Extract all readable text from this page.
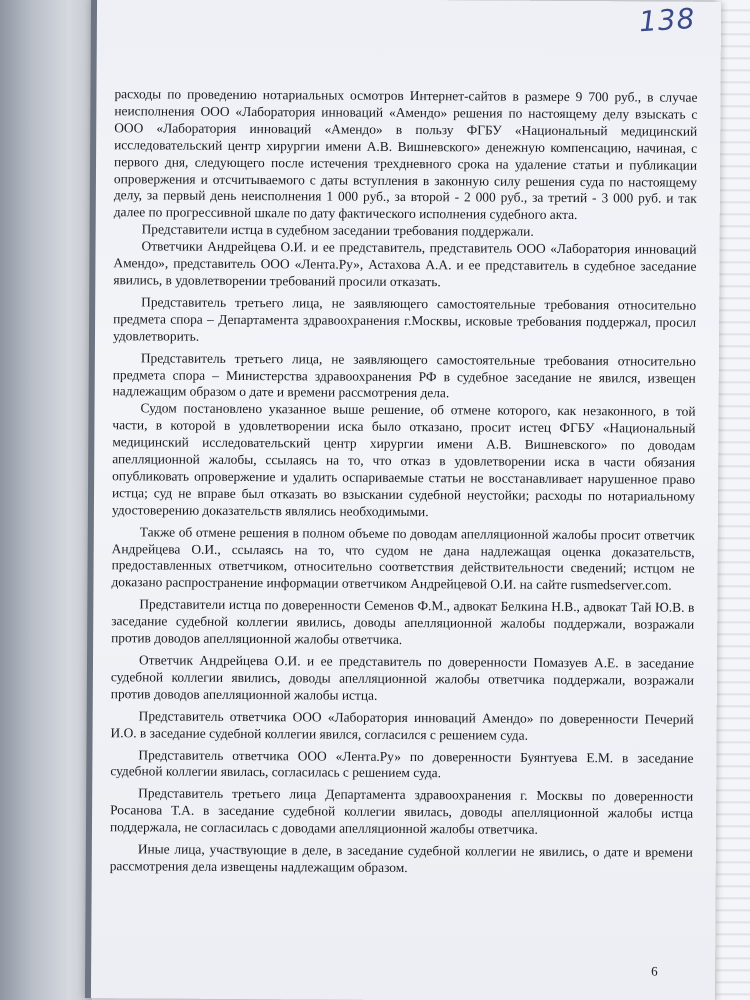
138

расходы по проведению нотариальных осмотров Интернет-сайтов в размере 9 700 руб., в случае неисполнения ООО «Лаборатория инноваций «Амендо» решения по настоящему делу взыскать с ООО «Лаборатория инноваций «Амендо» в пользу ФГБУ «Национальный медицинский исследовательский центр хирургии имени А.В. Вишневского» денежную компенсацию, начиная, с первого дня, следующего после истечения трехдневного срока на удаление статьи и публикации опровержения и отсчитываемого с даты вступления в законную силу решения суда по настоящему делу, за первый день неисполнения 1 000 руб., за второй - 2 000 руб., за третий - 3 000 руб. и так далее по прогрессивной шкале по дату фактического исполнения судебного акта.

Представители истца в судебном заседании требования поддержали.

Ответчики Андрейцева О.И. и ее представитель, представитель ООО «Лаборатория инноваций Амендо», представитель ООО «Лента.Ру», Астахова А.А. и ее представитель в судебное заседание явились, в удовлетворении требований просили отказать.

Представитель третьего лица, не заявляющего самостоятельные требования относительно предмета спора – Департамента здравоохранения г.Москвы, исковые требования поддержал, просил удовлетворить.

Представитель третьего лица, не заявляющего самостоятельные требования относительно предмета спора – Министерства здравоохранения РФ в судебное заседание не явился, извещен надлежащим образом о дате и времени рассмотрения дела.

Судом постановлено указанное выше решение, об отмене которого, как незаконного, в той части, в которой в удовлетворении иска было отказано, просит истец ФГБУ «Национальный медицинский исследовательский центр хирургии имени А.В. Вишневского» по доводам апелляционной жалобы, ссылаясь на то, что отказ в удовлетворении иска в части обязания опубликовать опровержение и удалить оспариваемые статьи не восстанавливает нарушенное право истца; суд не вправе был отказать во взыскании судебной неустойки; расходы по нотариальному удостоверению доказательств являлись необходимыми.

Также об отмене решения в полном объеме по доводам апелляционной жалобы просит ответчик Андрейцева О.И., ссылаясь на то, что судом не дана надлежащая оценка доказательств, предоставленных ответчиком, относительно соответствия действительности сведений; истцом не доказано распространение информации ответчиком Андрейцевой О.И. на сайте rusmedserver.com.

Представители истца по доверенности Семенов Ф.М., адвокат Белкина Н.В., адвокат Тай Ю.В. в заседание судебной коллегии явились, доводы апелляционной жалобы поддержали, возражали против доводов апелляционной жалобы ответчика.

Ответчик Андрейцева О.И. и ее представитель по доверенности Помазуев А.Е. в заседание судебной коллегии явились, доводы апелляционной жалобы ответчика поддержали, возражали против доводов апелляционной жалобы истца.

Представитель ответчика ООО «Лаборатория инноваций Амендо» по доверенности Печерий И.О. в заседание судебной коллегии явился, согласился с решением суда.

Представитель ответчика ООО «Лента.Ру» по доверенности Буянтуева Е.М. в заседание судебной коллегии явилась, согласилась с решением суда.

Представитель третьего лица Департамента здравоохранения г. Москвы по доверенности Росанова Т.А. в заседание судебной коллегии явилась, доводы апелляционной жалобы истца поддержала, не согласилась с доводами апелляционной жалобы ответчика.

Иные лица, участвующие в деле, в заседание судебной коллегии не явились, о дате и времени рассмотрения дела извещены надлежащим образом.

6
